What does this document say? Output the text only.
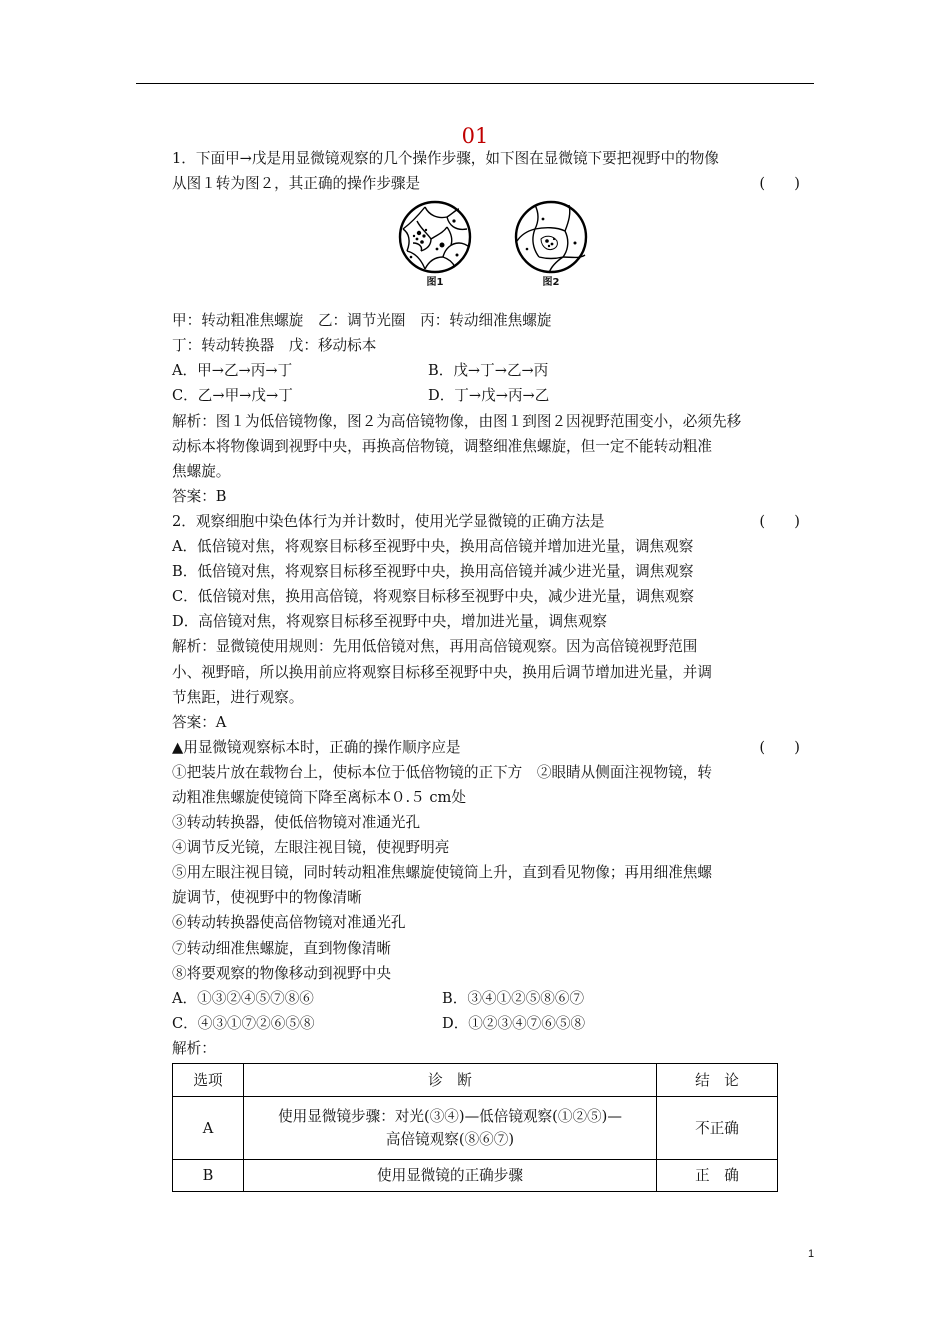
01

1．下面甲→戊是用显微镜观察的几个操作步骤，如下图在显微镜下要把视野中的物像

从图１转为图２，其正确的操作步骤是	(　　)

图1	图2

甲：转动粗准焦螺旋　乙：调节光圈　丙：转动细准焦螺旋

丁：转动转换器　戊：移动标本

A．甲→乙→丙→丁	B．戊→丁→乙→丙

C．乙→甲→戊→丁	D．丁→戊→丙→乙

解析：图１为低倍镜物像，图２为高倍镜物像，由图１到图２因视野范围变小，必须先移

动标本将物像调到视野中央，再换高倍物镜，调整细准焦螺旋，但一定不能转动粗准

焦螺旋。

答案：B

2．观察细胞中染色体行为并计数时，使用光学显微镜的正确方法是	(　　)

A．低倍镜对焦，将观察目标移至视野中央，换用高倍镜并增加进光量，调焦观察

B．低倍镜对焦，将观察目标移至视野中央，换用高倍镜并减少进光量，调焦观察

C．低倍镜对焦，换用高倍镜，将观察目标移至视野中央，减少进光量，调焦观察

D．高倍镜对焦，将观察目标移至视野中央，增加进光量，调焦观察

解析：显微镜使用规则：先用低倍镜对焦，再用高倍镜观察。因为高倍镜视野范围

小、视野暗，所以换用前应将观察目标移至视野中央，换用后调节增加进光量，并调

节焦距，进行观察。

答案：A

▲用显微镜观察标本时，正确的操作顺序应是	(　　)

①把装片放在载物台上，使标本位于低倍物镜的正下方　②眼睛从侧面注视物镜，转

动粗准焦螺旋使镜筒下降至离标本０.５ cm处

③转动转换器，使低倍物镜对准通光孔

④调节反光镜，左眼注视目镜，使视野明亮

⑤用左眼注视目镜，同时转动粗准焦螺旋使镜筒上升，直到看见物像；再用细准焦螺

旋调节，使视野中的物像清晰

⑥转动转换器使高倍物镜对准通光孔

⑦转动细准焦螺旋，直到物像清晰

⑧将要观察的物像移动到视野中央

A．①③②④⑤⑦⑧⑥	B．③④①②⑤⑧⑥⑦

C．④③①⑦②⑥⑤⑧	D．①②③④⑦⑥⑤⑧

解析：

选项	诊　断	结　论
A	使用显微镜步骤：对光(③④)—低倍镜观察(①②⑤)—
高倍镜观察(⑧⑥⑦)	不正确
B	使用显微镜的正确步骤	正　确
1
